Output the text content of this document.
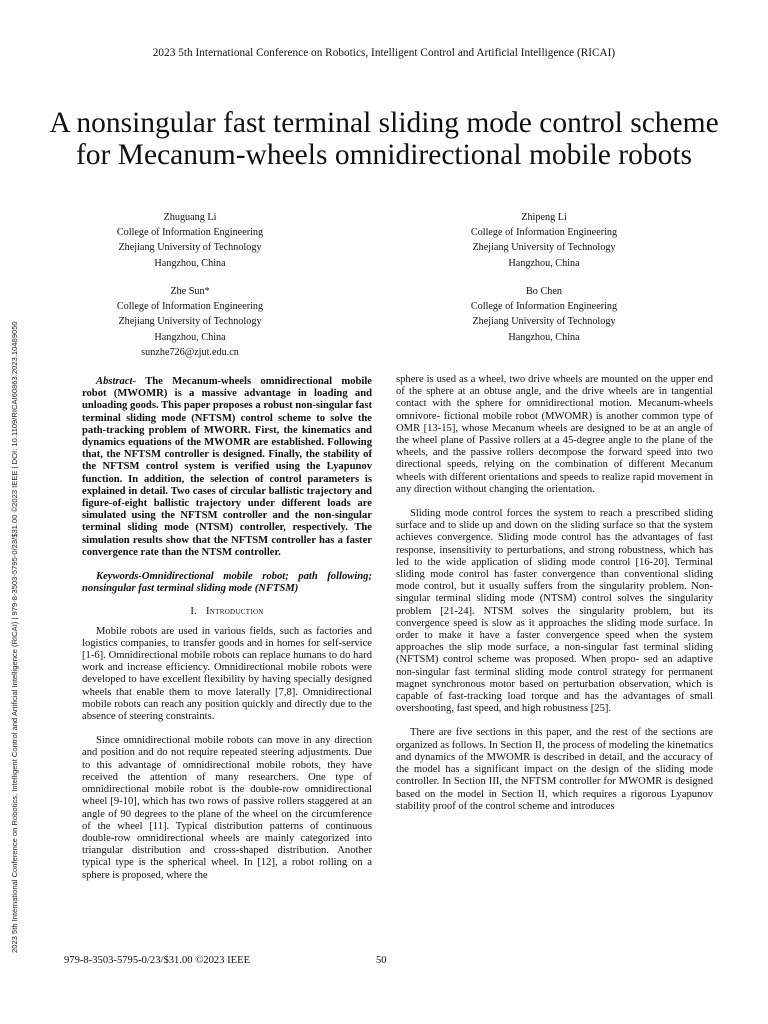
2023 5th International Conference on Robotics, Intelligent Control and Artificial Intelligence (RICAI)
A nonsingular fast terminal sliding mode control scheme for Mecanum-wheels omnidirectional mobile robots
2023 5th International Conference on Robotics, Intelligent Control and Artificial Intelligence (RICAI) | 979-8-3503-5795-0/23/$31.00 ©2023 IEEE | DOI: 10.1109/RICAI60863.2023.10489050
Zhuguang Li
College of Information Engineering
Zhejiang University of Technology
Hangzhou, China
Zhipeng Li
College of Information Engineering
Zhejiang University of Technology
Hangzhou, China
Zhe Sun*
College of Information Engineering
Zhejiang University of Technology
Hangzhou, China
sunzhe726@zjut.edu.cn
Bo Chen
College of Information Engineering
Zhejiang University of Technology
Hangzhou, China

Abstract- The Mecanum-wheels omnidirectional mobile robot (MWOMR) is a massive advantage in loading and unloading goods. This paper proposes a robust non-singular fast terminal sliding mode (NFTSM) control scheme to solve the path-tracking problem of MWORR. First, the kinematics and dynamics equations of the MWOMR are established. Following that, the NFTSM controller is designed. Finally, the stability of the NFTSM control system is verified using the Lyapunov function. In addition, the selection of control parameters is explained in detail. Two cases of circular ballistic trajectory and figure-of-eight ballistic trajectory under different loads are simulated using the NFTSM controller and the non-singular terminal sliding mode (NTSM) controller, respectively. The simulation results show that the NFTSM controller has a faster convergence rate than the NTSM controller.

Keywords-Omnidirectional mobile robot; path following; nonsingular fast terminal sliding mode (NFTSM)

I. Introduction

Mobile robots are used in various fields, such as factories and logistics companies, to transfer goods and in homes for self-service [1-6]. Omnidirectional mobile robots can replace humans to do hard work and increase efficiency. Omnidirectional mobile robots were developed to have excellent flexibility by having specially designed wheels that enable them to move laterally [7,8]. Omnidirectional mobile robots can reach any position quickly and directly due to the absence of steering constraints.

Since omnidirectional mobile robots can move in any direction and position and do not require repeated steering adjustments. Due to this advantage of omnidirectional mobile robots, they have received the attention of many researchers. One type of omnidirectional mobile robot is the double-row omnidirectional wheel [9-10], which has two rows of passive rollers staggered at an angle of 90 degrees to the plane of the wheel on the circumference of the wheel [11]. Typical distribution patterns of continuous double-row omnidirectional wheels are mainly categorized into triangular distribution and cross-shaped distribution. Another typical type is the spherical wheel. In [12], a robot rolling on a sphere is proposed, where the

sphere is used as a wheel, two drive wheels are mounted on the upper end of the sphere at an obtuse angle, and the drive wheels are in tangential contact with the sphere for omnidirectional motion. Mecanum-wheels omnivore- fictional mobile robot (MWOMR) is another common type of OMR [13-15], whose Mecanum wheels are designed to be at an angle of the wheel plane of Passive rollers at a 45-degree angle to the plane of the wheels, and the passive rollers decompose the forward speed into two directional speeds, relying on the combination of different Mecanum wheels with different orientations and speeds to realize rapid movement in any direction without changing the orientation.

Sliding mode control forces the system to reach a prescribed sliding surface and to slide up and down on the sliding surface so that the system achieves convergence. Sliding mode control has the advantages of fast response, insensitivity to perturbations, and strong robustness, which has led to the wide application of sliding mode control [16-20]. Terminal sliding mode control has faster convergence than conventional sliding mode control, but it usually suffers from the singularity problem. Non-singular terminal sliding mode (NTSM) control solves the singularity problem [21-24]. NTSM solves the singularity problem, but its convergence speed is slow as it approaches the sliding mode surface. In order to make it have a faster convergence speed when the system approaches the slip mode surface, a non-singular fast terminal sliding (NFTSM) control scheme was proposed. When propo- sed an adaptive non-singular fast terminal sliding mode control strategy for permanent magnet synchronous motor based on perturbation observation, which is capable of fast-tracking load torque and has the advantages of small overshooting, fast speed, and high robustness [25].

There are five sections in this paper, and the rest of the sections are organized as follows. In Section II, the process of modeling the kinematics and dynamics of the MWOMR is described in detail, and the accuracy of the model has a significant impact on the design of the sliding mode controller. In Section III, the NFTSM controller for MWOMR is designed based on the model in Section II, which requires a rigorous Lyapunov stability proof of the control scheme and introduces

979-8-3503-5795-0/23/$31.00 ©2023 IEEE	50
